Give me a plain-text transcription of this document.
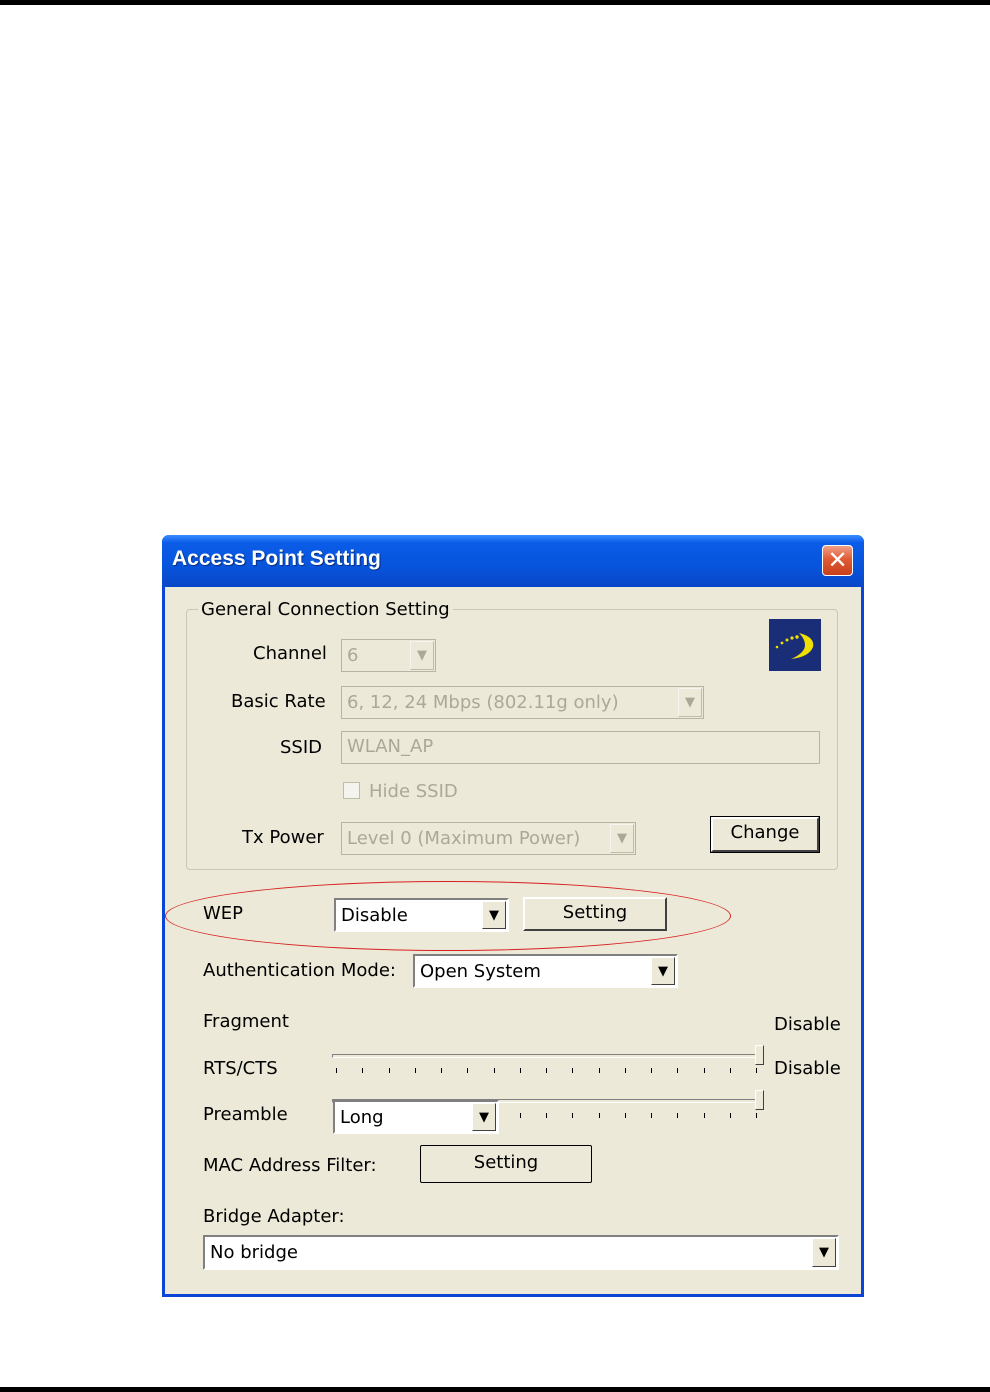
Access Point Setting	✕
General Connection Setting
Channel 6	▼
Basic Rate 6, 12, 24 Mbps (802.11g only)	▼
SSID WLAN_AP
Hide SSID
Tx Power Level 0 (Maximum Power)	▼	Change
WEP	Disable	▼	Setting
Authentication Mode: Open System	▼
Fragment	Disable
RTS/CTS	Disable
Preamble	Long	▼
MAC Address Filter:	Setting
Bridge Adapter:
No bridge	▼
